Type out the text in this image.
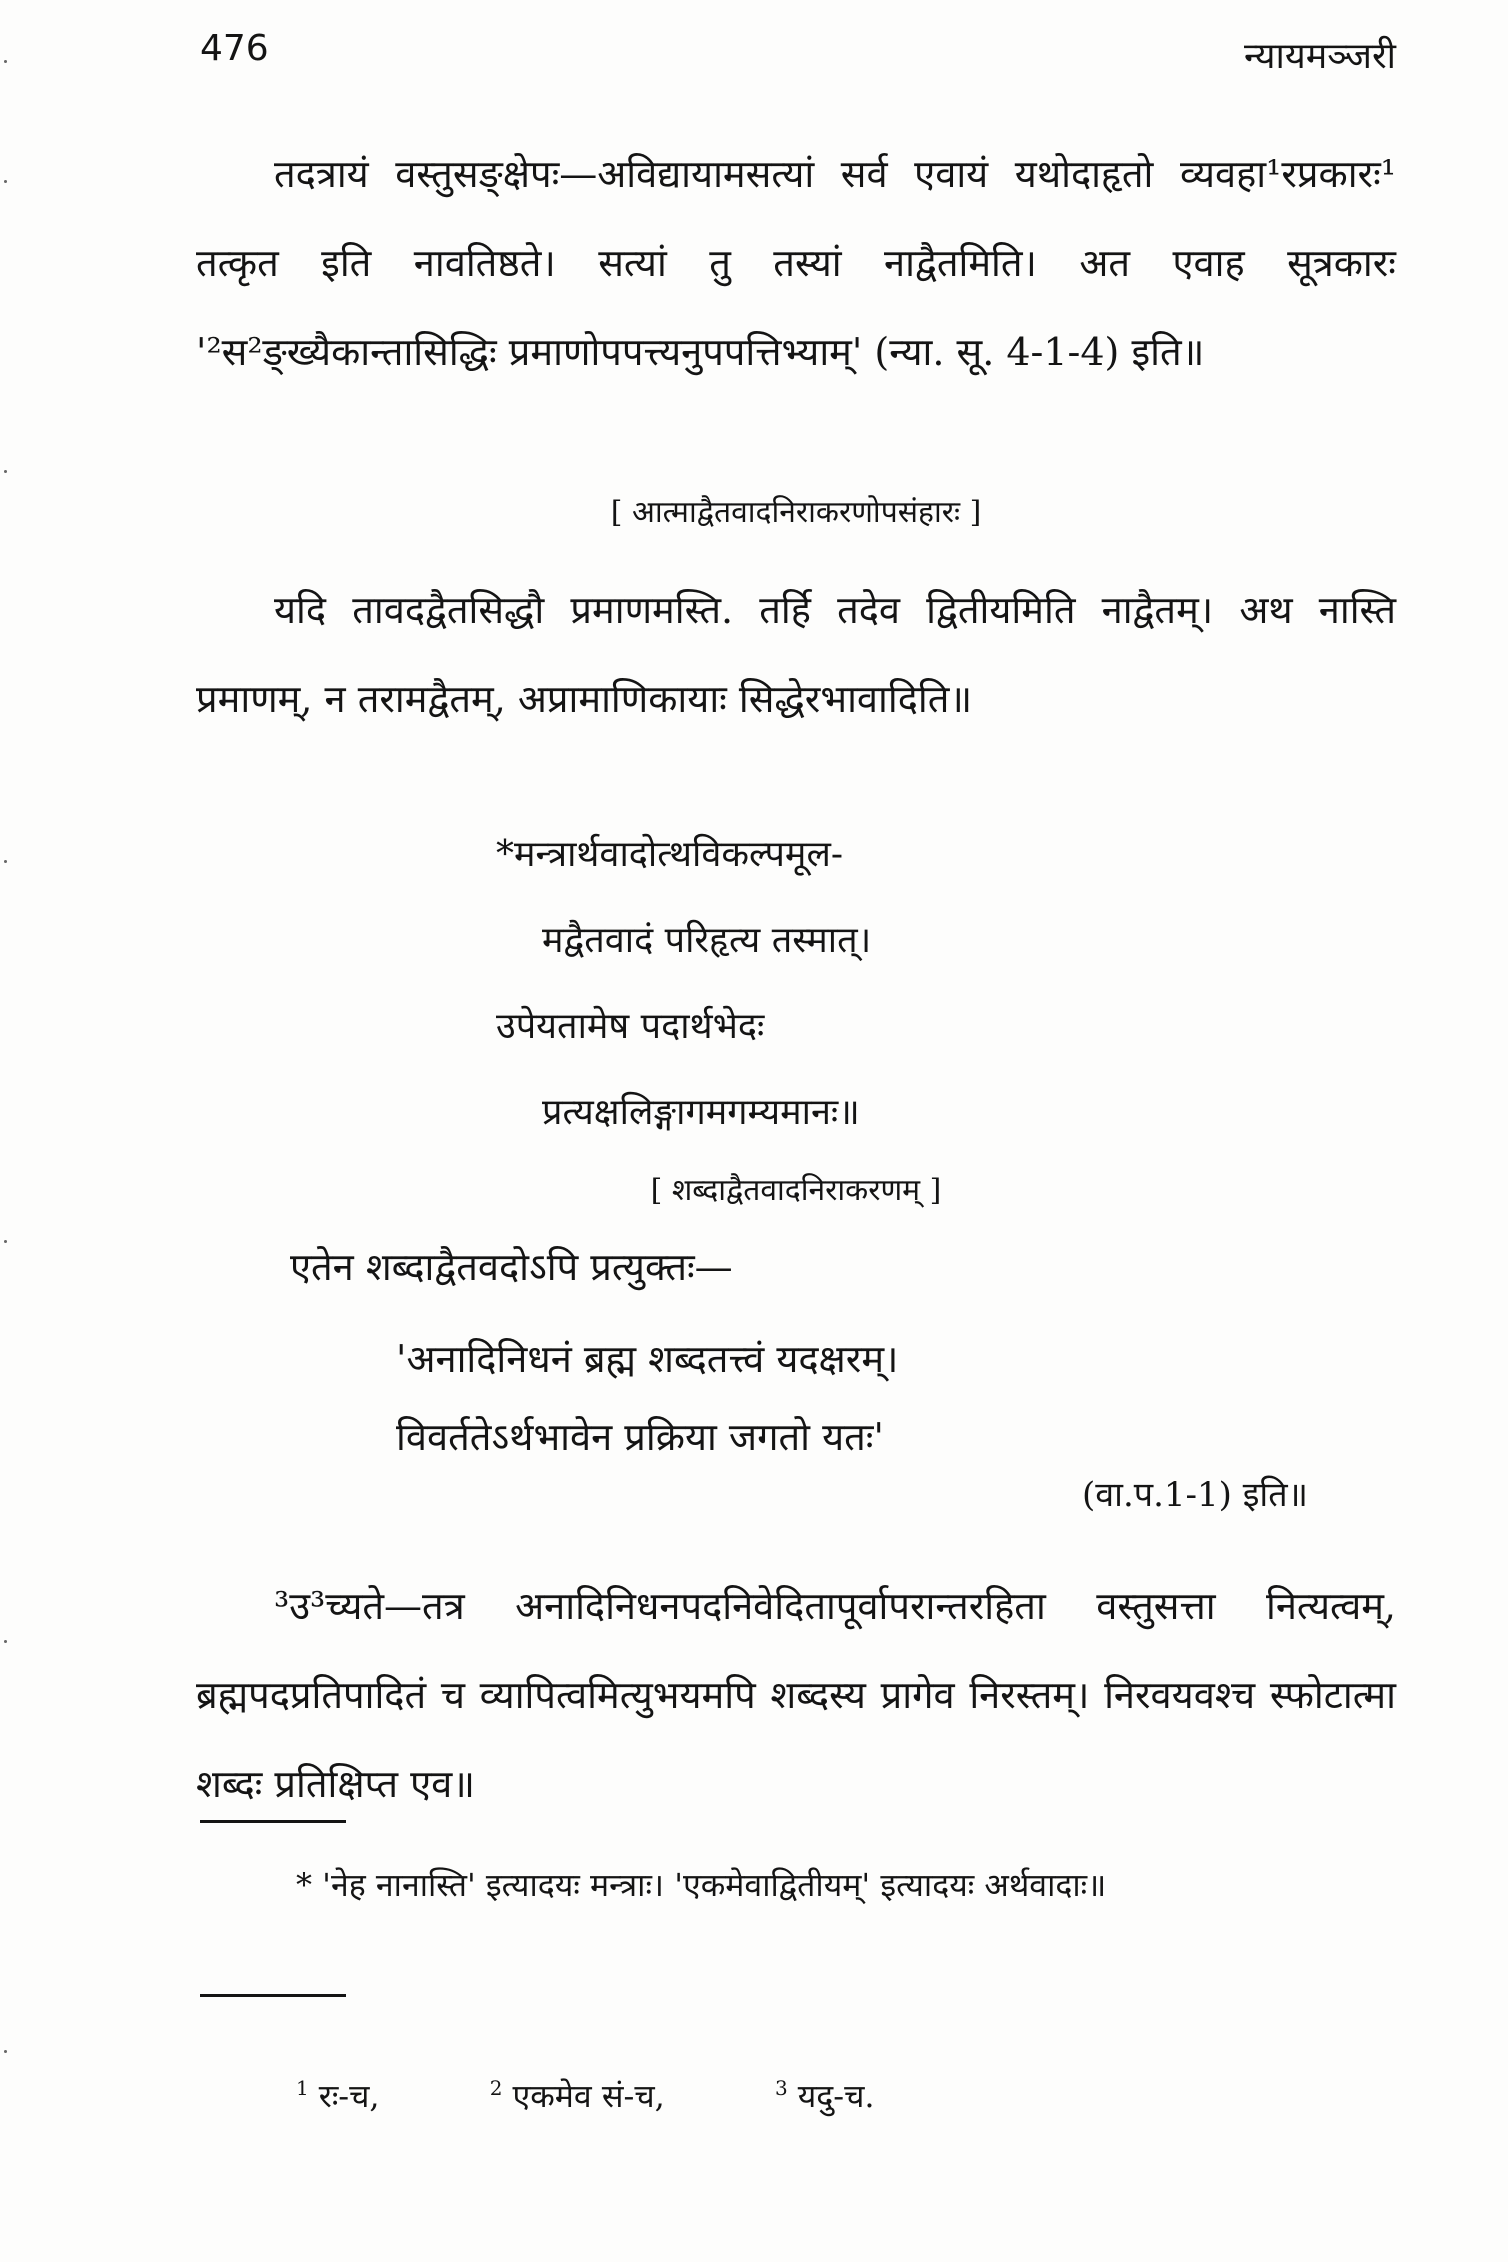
476	न्यायमञ्जरी

तदत्रायं वस्तुसङ्क्षेपः—अविद्यायामसत्यां सर्व एवायं यथोदाहृतो व्यवहा¹रप्रकारः¹ तत्कृत इति नावतिष्ठते। सत्यां तु तस्यां नाद्वैतमिति। अत एवाह सूत्रकारः '²स²ङ्ख्यैकान्तासिद्धिः प्रमाणोपपत्त्यनुपपत्तिभ्याम्' (न्या. सू. 4-1-4) इति॥

[ आत्माद्वैतवादनिराकरणोपसंहारः ]

यदि तावदद्वैतसिद्धौ प्रमाणमस्ति. तर्हि तदेव द्वितीयमिति नाद्वैतम्। अथ नास्ति प्रमाणम्, न तरामद्वैतम्, अप्रामाणिकायाः सिद्धेरभावादिति॥

*मन्त्रार्थवादोत्थविकल्पमूल-
मद्वैतवादं परिहृत्य तस्मात्।
उपेयतामेष पदार्थभेदः
प्रत्यक्षलिङ्गागमगम्यमानः॥

[ शब्दाद्वैतवादनिराकरणम् ]

एतेन शब्दाद्वैतवदोऽपि प्रत्युक्तः—
'अनादिनिधनं ब्रह्म शब्दतत्त्वं यदक्षरम्।
विवर्ततेऽर्थभावेन प्रक्रिया जगतो यतः'
(वा.प.1-1) इति॥

³उ³च्यते—तत्र अनादिनिधनपदनिवेदितापूर्वापरान्तरहिता वस्तुसत्ता नित्यत्वम्, ब्रह्मपदप्रतिपादितं च व्यापित्वमित्युभयमपि शब्दस्य प्रागेव निरस्तम्। निरवयवश्च स्फोटात्मा शब्दः प्रतिक्षिप्त एव॥

* 'नेह नानास्ति' इत्यादयः मन्त्राः। 'एकमेवाद्वितीयम्' इत्यादयः अर्थवादाः॥

$^1$ रः-च,	$^2$ एकमेव सं-च,	$^3$ यदु-च.
